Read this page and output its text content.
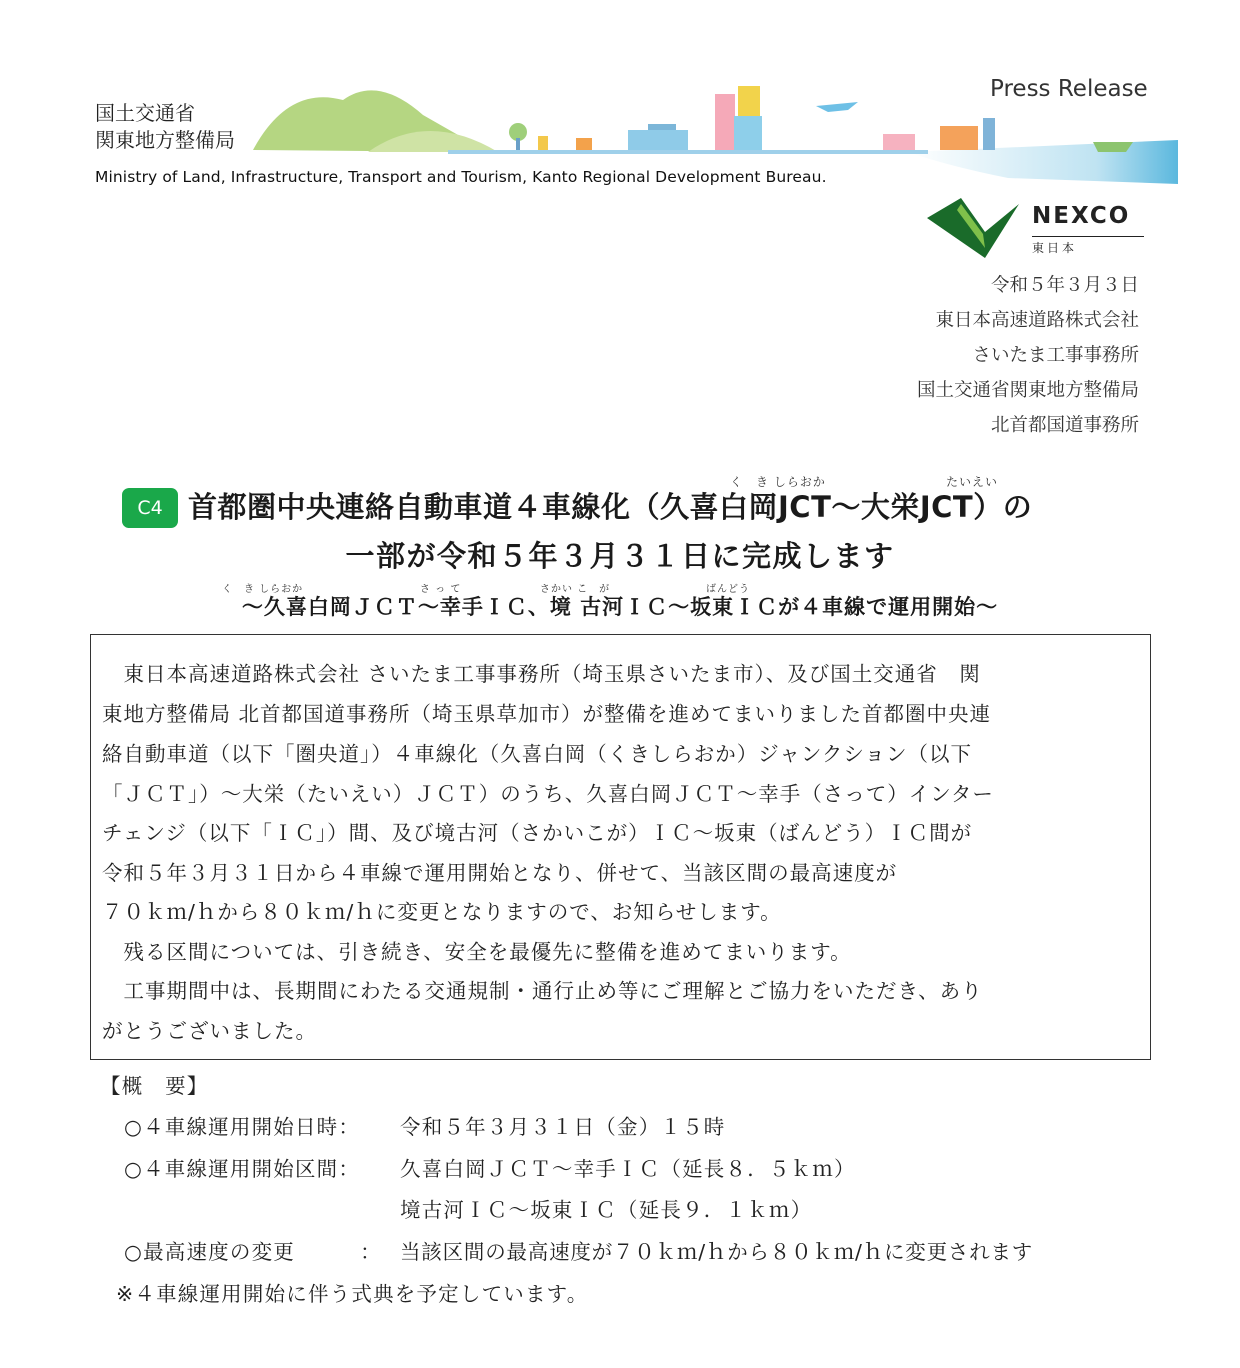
国土交通省
関東地方整備局
Ministry of Land, Infrastructure, Transport and Tourism, Kanto Regional Development Bureau.
Press Release
NEXCO
東日本
令和５年３月３日
東日本高速道路株式会社
さいたま工事事務所
国土交通省関東地方整備局
北首都国道事務所
C4
く　き しらおか	たいえい
首都圏中央連絡自動車道４車線化（久喜白岡JCT～大栄JCT）の
一部が令和５年３月３１日に完成します
く　き しらおか	さ っ て	さかい こ　が	ばんどう
～久喜白岡ＪＣＴ～幸手ＩＣ、境 古河ＩＣ～坂東ＩＣが４車線で運用開始～
　東日本高速道路株式会社 さいたま工事事務所（埼玉県さいたま市）、及び国土交通省　関
東地方整備局 北首都国道事務所（埼玉県草加市）が整備を進めてまいりました首都圏中央連
絡自動車道（以下「圏央道」）４車線化（久喜白岡（くきしらおか）ジャンクション（以下
「ＪＣＴ」）～大栄（たいえい）ＪＣＴ）のうち、久喜白岡ＪＣＴ～幸手（さって）インター
チェンジ（以下「ＩＣ」）間、及び境古河（さかいこが）ＩＣ～坂東（ばんどう）ＩＣ間が
令和５年３月３１日から４車線で運用開始となり、併せて、当該区間の最高速度が
７０ｋｍ/ｈから８０ｋｍ/ｈに変更となりますので、お知らせします。
　残る区間については、引き続き、安全を最優先に整備を進めてまいります。
　工事期間中は、長期間にわたる交通規制・通行止め等にご理解とご協力をいただき、あり
がとうございました。
【概　要】
○４車線運用開始日時： 令和５年３月３１日（金）１５時
○４車線運用開始区間： 久喜白岡ＪＣＴ～幸手ＩＣ（延長８．５ｋｍ）
境古河ＩＣ～坂東ＩＣ（延長９．１ｋｍ）
○最高速度の変更　　　： 当該区間の最高速度が７０ｋｍ/ｈから８０ｋｍ/ｈに変更されます
※４車線運用開始に伴う式典を予定しています。
